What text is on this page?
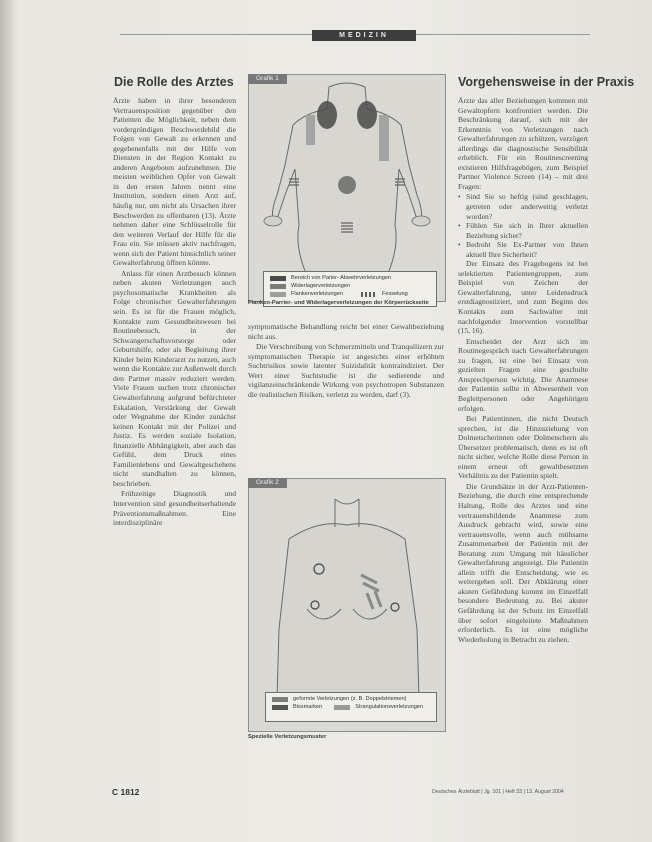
MEDIZIN
Die Rolle des Arztes

Ärzte haben in ihrer besonderen Vertrauensposition gegenüber den Patienten die Möglichkeit, neben dem vordergründigen Beschwerdebild die Folgen von Gewalt zu erkennen und gegebenenfalls mit der Hilfe von Diensten in der Region Kontakt zu anderen Angeboten aufzunehmen. Die meisten weiblichen Opfer von Gewalt in den ersten Jahren nennt eine Institution, sondern einen Arzt auf, häufig nur, um nicht als Ursachen ihrer Beschwerden zu offenbaren (13). Ärzte nehmen daher eine Schlüsselrolle für den weiteren Verlauf der Hilfe für die Frau ein. Sie müssen aktiv nachfragen, wenn sich der Patient hinsichtlich seiner Gewalterfahrung öffnen könnte.

Anlass für einen Arztbesuch können neben akuten Verletzungen auch psychosomatische Krankheiten als Folge chronischer Gewalterfahrungen sein. Es ist für die Frauen möglich, Kontakte zum Gesundheitswesen bei Routinebesuch, in der Schwangerschaftsvorsorge oder Geburtshilfe, oder als Begleitung ihrer Kinder beim Kinderarzt zu nutzen, auch wenn die Kontakte zur Außenwelt durch den Partner massiv reduziert werden. Viele Frauen suchen trotz chronischer Gewalterfahrung aufgrund befürchteter Eskalation, Verstärkung der Gewalt oder Wegnahme der Kinder zunächst keinen Kontakt mit der Polizei und Justiz. Es werden soziale Isolation, finanzielle Abhängigkeit, aber auch das Gefühl, dem Druck eines Familienlebens und Gewaltgeschehens nicht standhalten zu können, beschrieben.

Frühzeitige Diagnostik und Intervention sind gesundheitserhaltende Präventionsmaßnahmen. Eine interdisziplinäre

Grafik 1
Bereich von Parier- Abwehrverletzungen
Widerlagerverletzungen
Flankenverletzungen	Fesselung
Flanken-Parrier- und Widerlagerverletzungen der Körperrückseite

symptomatische Behandlung reicht bei einer Gewaltbeziehung nicht aus.

Die Verschreibung von Schmerzmitteln und Tranquilizern zur symptomatischen Therapie ist angesichts einer erhöhten Suchtrisikos sowie latenter Suizidalität kontraindiziert. Der Wert einer Suchtstudie ist die sedierende und vigilanzeinschränkende Wirkung von psychotropen Substanzen die realistischen Risiken, verletzt zu werden, darf (3).

Grafik 2
geformte Verletzungen (z. B. Doppelstriemen)
Bissmarken	Strangulationsverletzungen
Spezielle Verletzungsmuster
Vorgehensweise in der Praxis

Ärzte das aller Beziehungen kommen mit Gewaltopfern konfrontiert werden. Die Beschränkung darauf, sich mit der Erkenntnis von Verletzungen nach Gewalterfahrungen zu schützen, verzögert allerdings die diagnostische Sensibilität erheblich. Für ein Routinescreening existieren Hilfsfragebögen, zum Beispiel Partner Violence Screen (14) – mit drei Fragen:

• Sind Sie so heftig (sind geschlagen, getreten oder anderweitig verletzt worden?
• Fühlen Sie sich in Ihrer aktuellen Beziehung sicher?
• Bedroht Sie Ex-Partner von Ihnen aktuell Ihre Sicherheit?

Der Einsatz des Fragebogens ist bei selektierten Patientengruppen, zum Beispiel von Zeichen der Gewalterfahrung, unter Leidensdruck erstdiagnostiziert, und zum Beginn des Kontakts zum Sachwalter mit nachfolgender Intervention vorstellbar (15, 16).

Entscheidet der Arzt sich im Routinegespräch nach Gewalterfahrungen zu fragen, ist eine bei Einsatz von gezielten Fragen eine geschulte Ansprechperson wichtig. Die Anamnese der Patientin sollte in Abwesenheit von Begleitpersonen oder Angehörigen erfolgen.

Bei Patientinnen, die nicht Deutsch sprechen, ist die Hinzuziehung von Dolmetscherinnen oder Dolmetschern als Übersetzer problematisch, denn es ist oft nicht sicher, welche Rolle diese Person in einem erneut oft gewaltbesetzten Verhältnis zu der Patientin spielt.

Die Grundsätze in der Arzt-Patienten-Beziehung, die durch eine entsprechende Haltung, Rolle des Arztes und eine vertrauensbildende Anamnese zum Ausdruck gebracht wird, sowie eine vertrauensvolle, wenn auch mühsame Zusammenarbeit der Patientin mit der Beratung zum Umgang mit häuslicher Gewalterfahrung angezeigt. Die Patientin allein trifft die Entscheidung, wie es weitergehen soll. Der Abklärung einer akuten Gefährdung kommt im Einzelfall besondere Bedeutung zu. Bei akuter Gefährdung ist der Schutz im Einzelfall über sofort eingeleitete Maßnahmen erforderlich. Es ist eine mögliche Wiederholung in Betracht zu ziehen.

C 1812	Deutsches Ärzteblatt | Jg. 101 | Heft 33 | 13. August 2004
